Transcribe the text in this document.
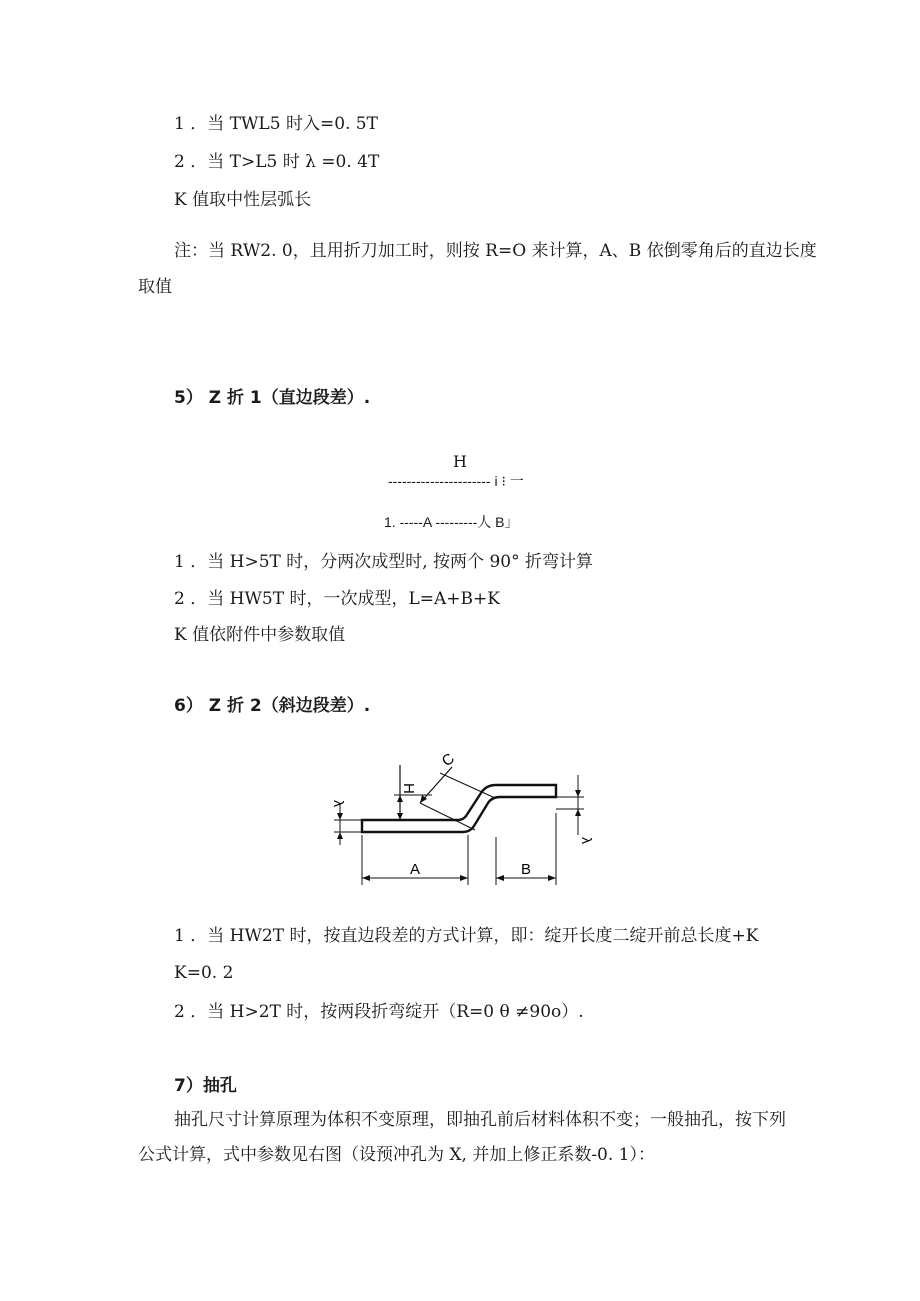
1 ．当 TWL5 时入=0. 5T
2 ．当 T>L5 时 λ =0. 4T
K 值取中性层弧长
注：当 RW2. 0，且用折刀加工时，则按 R=O 来计算，A、B 依倒零角后的直边长度
取值
5） Z 折 1（直边段差）.
H
---------------------- i ⁝ 一
1. -----A ---------人 B」
1 ．当 H>5T 时，分两次成型时, 按两个 90° 折弯计算
2 ．当 HW5T 时，一次成型，L=A+B+K
K 值依附件中参数取值
6） Z 折 2（斜边段差）.
H
λ
λ
C
A	B
1 ．当 HW2T 时，按直边段差的方式计算，即：绽开长度二绽开前总长度+K
K=0. 2
2 ．当 H>2T 时，按两段折弯绽开（R=0 θ ≠90o）.
7）抽孔
抽孔尺寸计算原理为体积不变原理，即抽孔前后材料体积不变；一般抽孔，按下列
公式计算，式中参数见右图（设预冲孔为 X, 并加上修正系数-0. 1）：
